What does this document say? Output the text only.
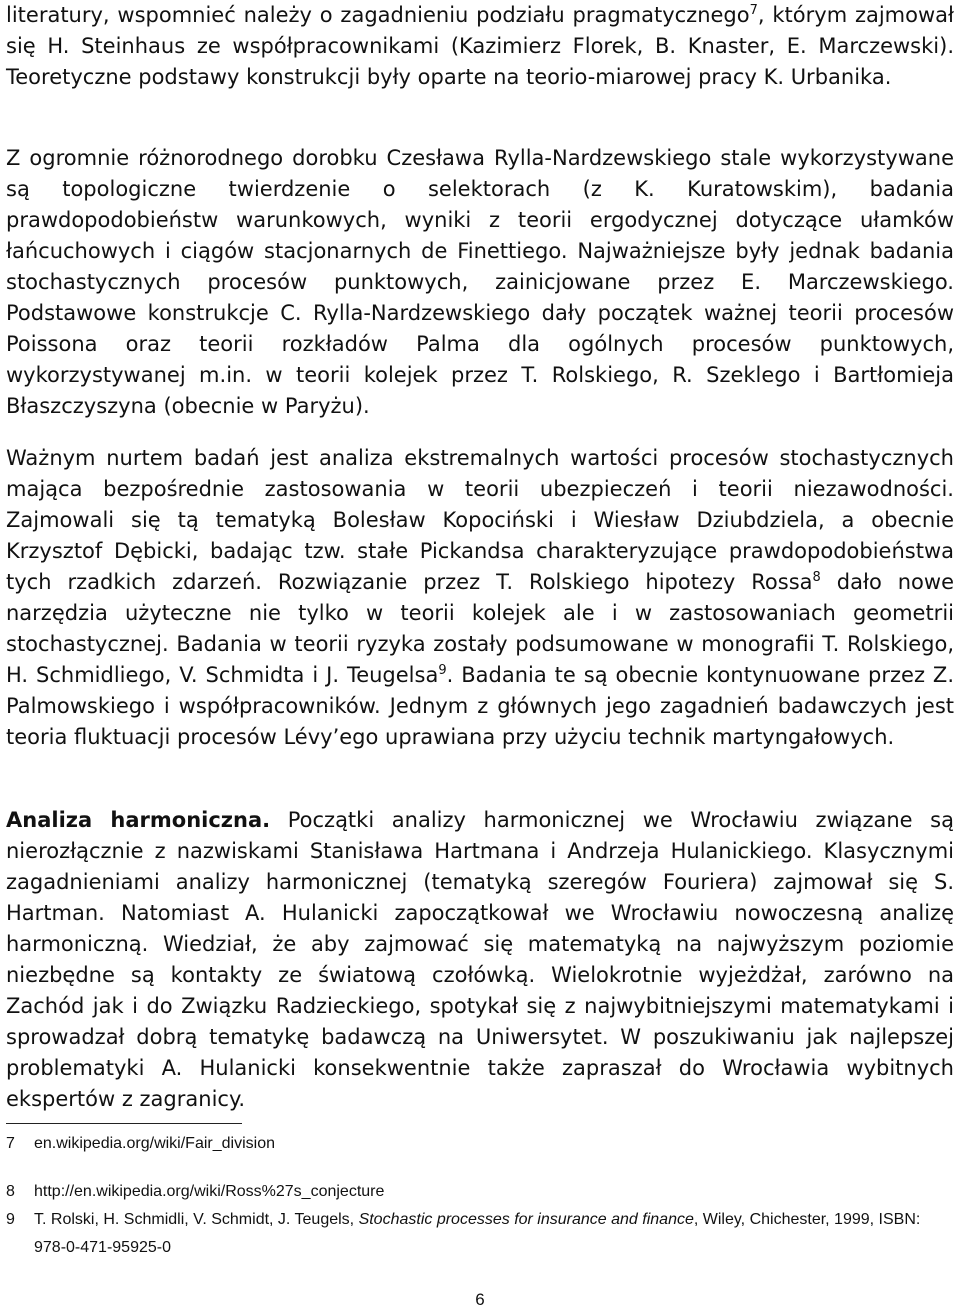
literatury, wspomnieć należy o zagadnieniu podziału pragmatycznego$^7$, którym zajmował się H. Steinhaus ze współpracownikami (Kazimierz Florek, B. Knaster, E. Marczewski). Teoretyczne podstawy konstrukcji były oparte na teorio-miarowej pracy K. Urbanika.

Z ogromnie różnorodnego dorobku Czesława Rylla-Nardzewskiego stale wykorzystywane są topologiczne twierdzenie o selektorach (z K. Kuratowskim), badania prawdopodobieństw warunkowych, wyniki z teorii ergodycznej dotyczące ułamków łańcuchowych i ciągów stacjonarnych de Finettiego. Najważniejsze były jednak badania stochastycznych procesów punktowych, zainicjowane przez E. Marczewskiego. Podstawowe konstrukcje C. Rylla-Nardzewskiego dały początek ważnej teorii procesów Poissona oraz teorii rozkładów Palma dla ogólnych procesów punktowych, wykorzystywanej m.in. w teorii kolejek przez T. Rolskiego, R. Szeklego i Bartłomieja Błaszczyszyna (obecnie w Paryżu).

Ważnym nurtem badań jest analiza ekstremalnych wartości procesów stochastycznych mająca bezpośrednie zastosowania w teorii ubezpieczeń i teorii niezawodności. Zajmowali się tą tematyką Bolesław Kopociński i Wiesław Dziubdziela, a obecnie Krzysztof Dębicki, badając tzw. stałe Pickandsa charakteryzujące prawdopodobieństwa tych rzadkich zdarzeń. Rozwiązanie przez T. Rolskiego hipotezy Rossa$^8$ dało nowe narzędzia użyteczne nie tylko w teorii kolejek ale i w zastosowaniach geometrii stochastycznej. Badania w teorii ryzyka zostały podsumowane w monografii T. Rolskiego, H. Schmidliego, V. Schmidta i J. Teugelsa$^9$. Badania te są obecnie kontynuowane przez Z. Palmowskiego i współpracowników. Jednym z głównych jego zagadnień badawczych jest teoria fluktuacji procesów Lévy’ego uprawiana przy użyciu technik martyngałowych.

Analiza harmoniczna. Początki analizy harmonicznej we Wrocławiu związane są nierozłącznie z nazwiskami Stanisława Hartmana i Andrzeja Hulanickiego. Klasycznymi zagadnieniami analizy harmonicznej (tematyką szeregów Fouriera) zajmował się S. Hartman. Natomiast A. Hulanicki zapoczątkował we Wrocławiu nowoczesną analizę harmoniczną. Wiedział, że aby zajmować się matematyką na najwyższym poziomie niezbędne są kontakty ze światową czołówką. Wielokrotnie wyjeżdżał, zarówno na Zachód jak i do Związku Radzieckiego, spotykał się z najwybitniejszymi matematykami i sprowadzał dobrą tematykę badawczą na Uniwersytet. W poszukiwaniu jak najlepszej problematyki A. Hulanicki konsekwentnie także zapraszał do Wrocławia wybitnych ekspertów z zagranicy.

7	en.wikipedia.org/wiki/Fair_division
8	http://en.wikipedia.org/wiki/Ross%27s_conjecture
9	T. Rolski, H. Schmidli, V. Schmidt, J. Teugels, Stochastic processes for insurance and finance, Wiley, Chichester, 1999, ISBN: 978-0-471-95925-0
6
